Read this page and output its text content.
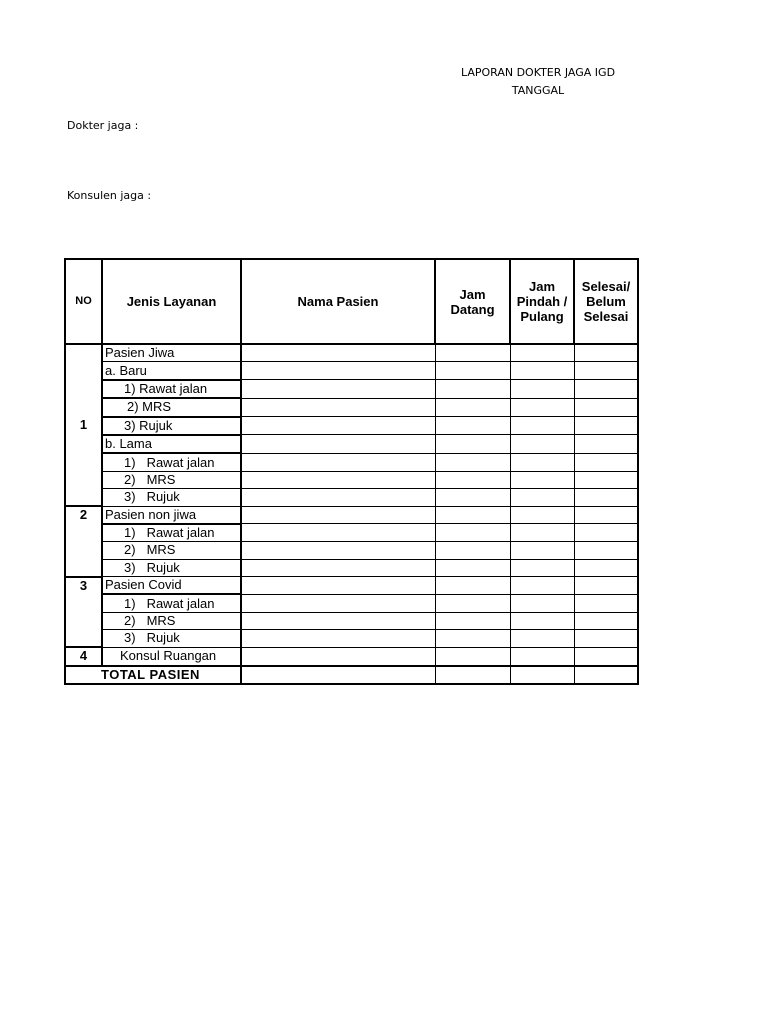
LAPORAN DOKTER JAGA IGD
TANGGAL
Dokter jaga :
Konsulen jaga :
NO	Jenis Layanan	Nama Pasien	Jam Datang	Jam Pindah / Pulang	Selesai/ Belum Selesai

1	Pasien Jiwa				
	a. Baru				
	1) Rawat jalan				
	2) MRS				
	3) Rujuk				
	b. Lama				
	1) Rawat jalan				
	2) MRS				
	3) Rujuk				

2	Pasien non jiwa				
	1) Rawat jalan				
	2) MRS				
	3) Rujuk				

3	Pasien Covid				
	1) Rawat jalan				
	2) MRS				
	3) Rujuk				

4	Konsul Ruangan				
TOTAL PASIEN					
